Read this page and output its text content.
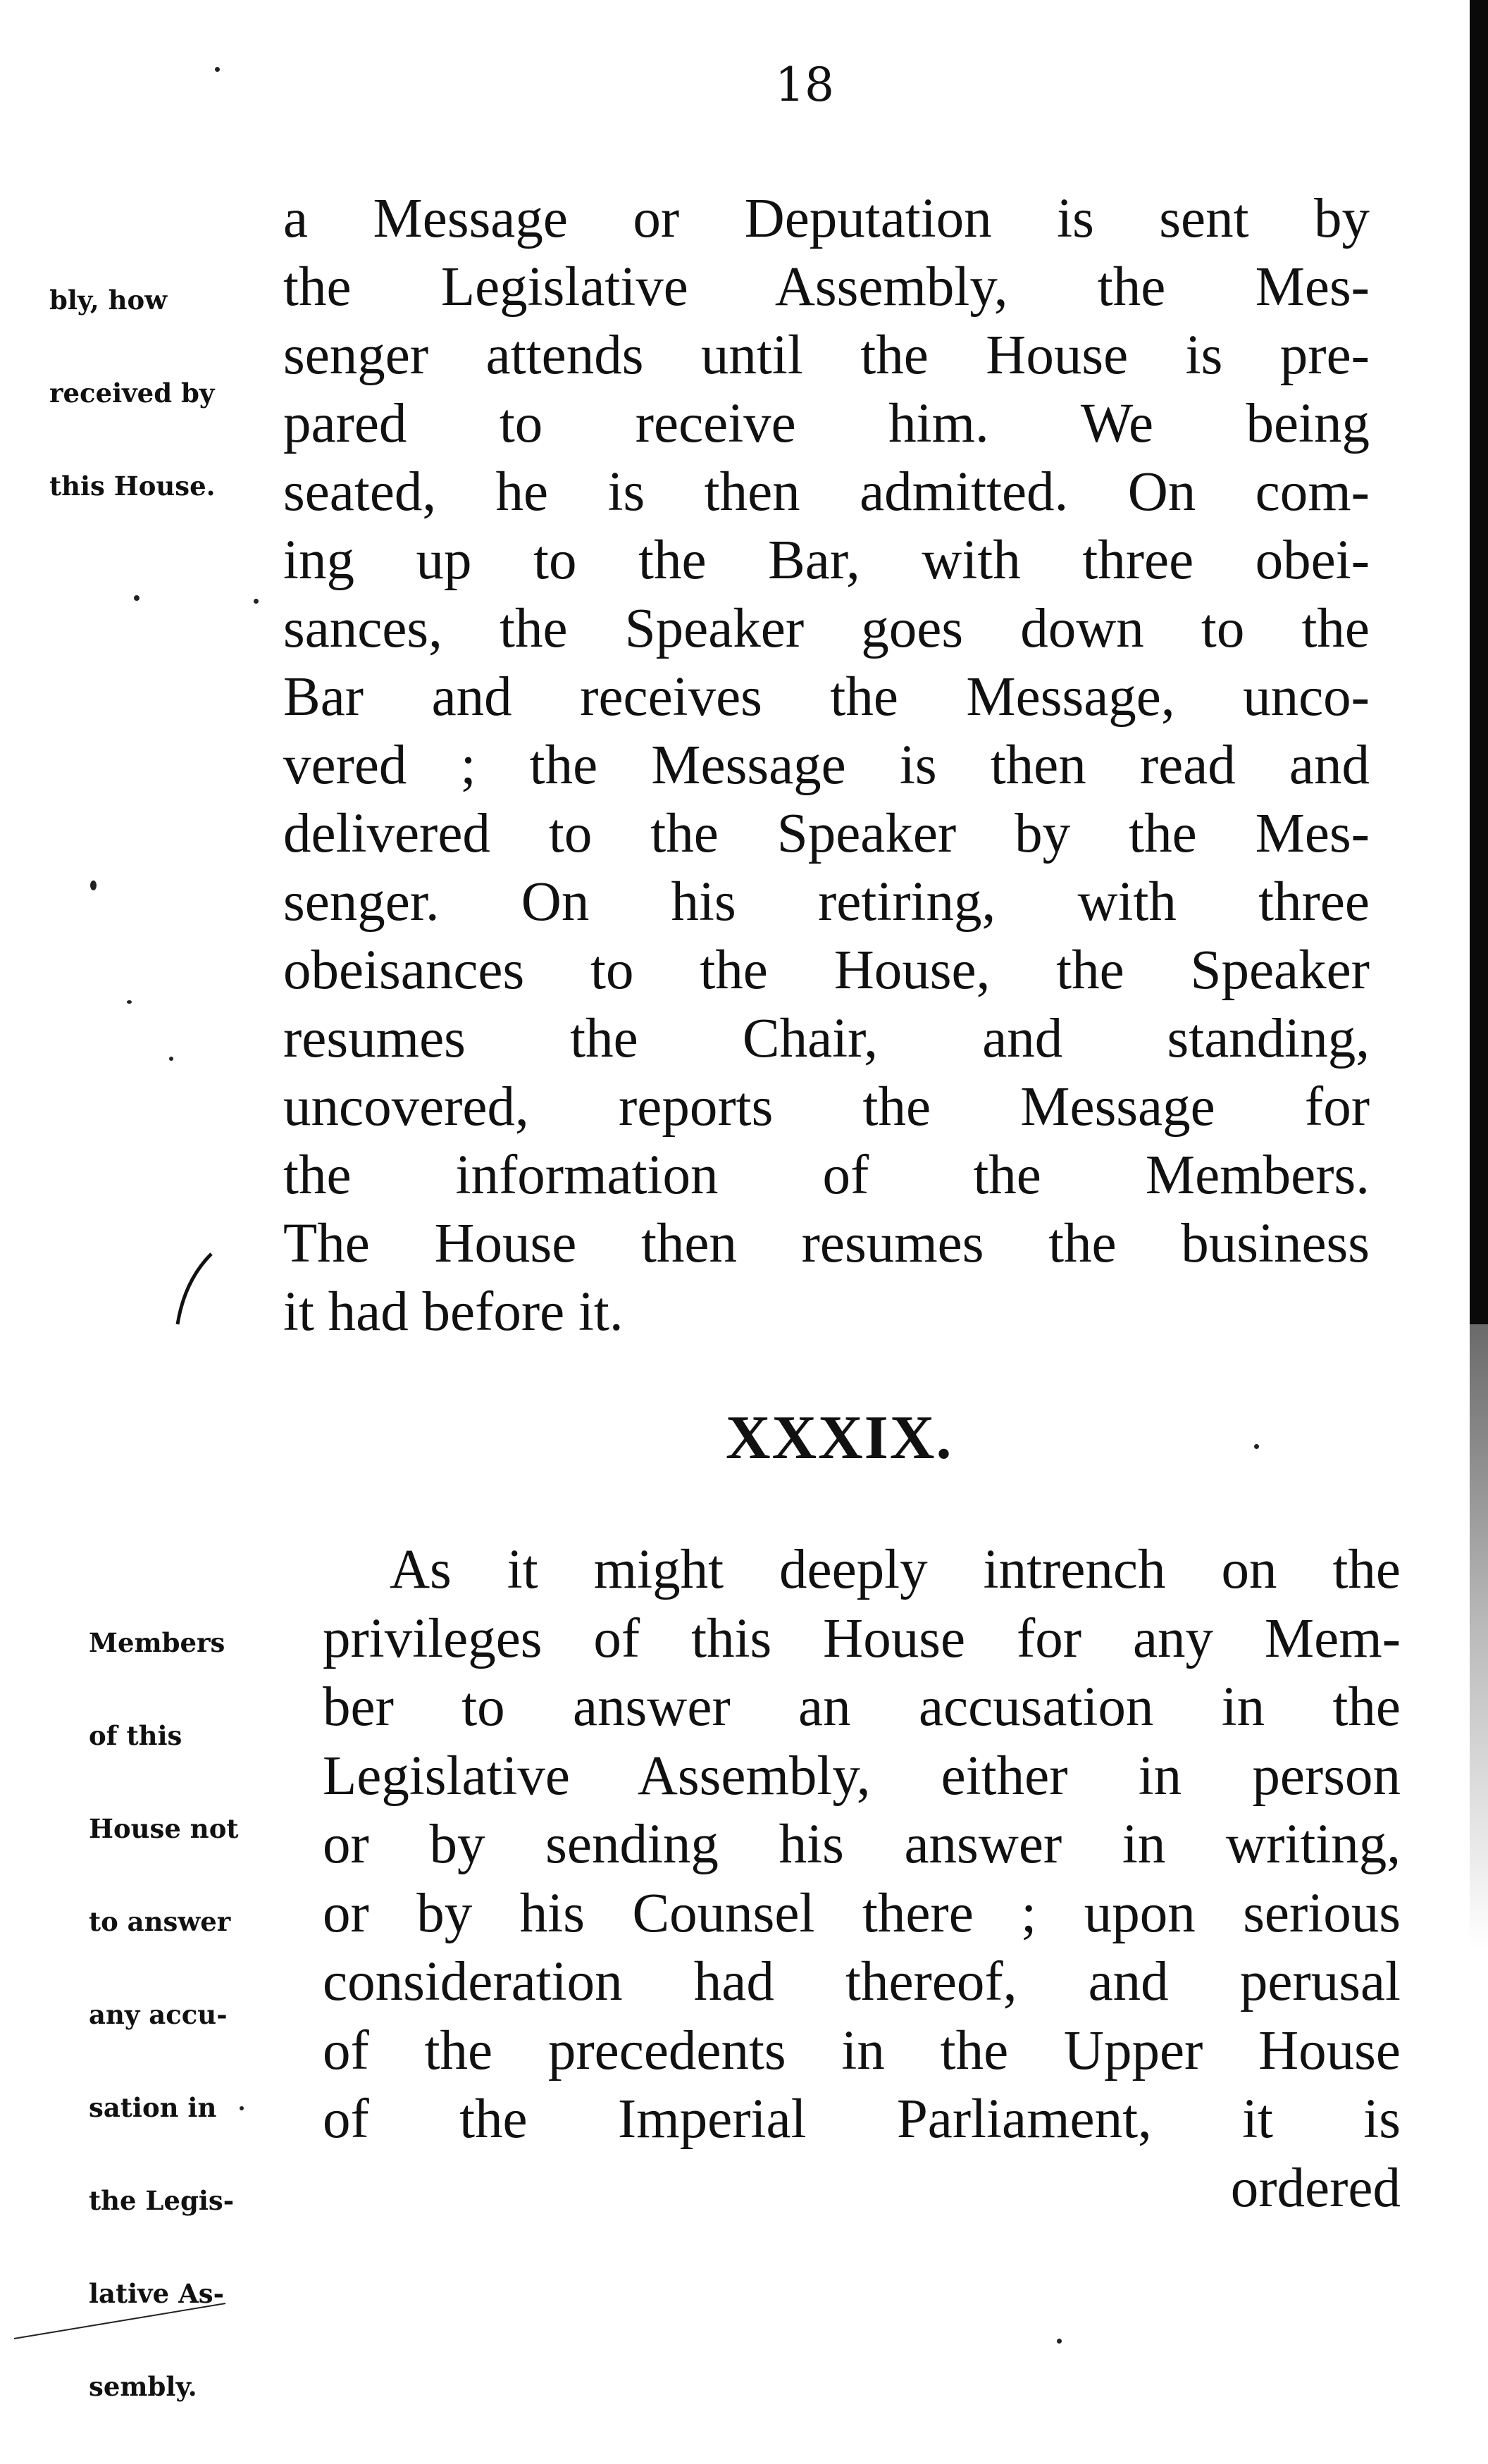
18

bly, how

received by

this House.

a Message or Deputation is sent by
the Legislative Assembly, the Mes-
senger attends until the House is pre-
pared to receive him. We being
seated, he is then admitted. On com-
ing up to the Bar, with three obei-
sances, the Speaker goes down to the
Bar and receives the Message, unco-
vered ; the Message is then read and
delivered to the Speaker by the Mes-
senger. On his retiring, with three
obeisances to the House, the Speaker
resumes the Chair, and standing,
uncovered, reports the Message for
the information of the Members.
The House then resumes the business
it had before it.
XXXIX.

Members

of this

House not

to answer

any accu-

sation in

the Legis-

lative As-

sembly.

As it might deeply intrench on the
privileges of this House for any Mem-
ber to answer an accusation in the
Legislative Assembly, either in person
or by sending his answer in writing,
or by his Counsel there ; upon serious
consideration had thereof, and perusal
of the precedents in the Upper House
of the Imperial Parliament, it is
ordered
